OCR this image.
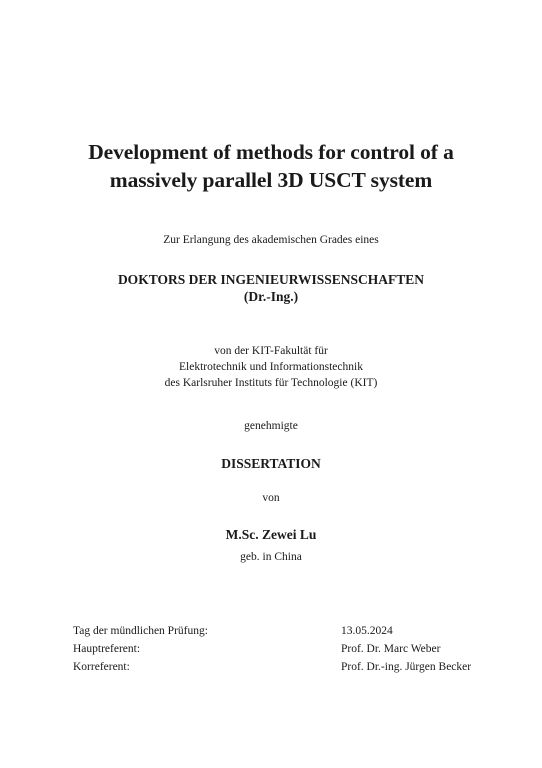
Development of methods for control of a
massively parallel 3D USCT system
Zur Erlangung des akademischen Grades eines
DOKTORS DER INGENIEURWISSENSCHAFTEN
(Dr.-Ing.)
von der KIT-Fakultät für
Elektrotechnik und Informationstechnik
des Karlsruher Instituts für Technologie (KIT)
genehmigte
DISSERTATION
von
M.Sc. Zewei Lu
geb. in China
Tag der mündlichen Prüfung:	13.05.2024
Hauptreferent:	Prof. Dr. Marc Weber
Korreferent:	Prof. Dr.-ing. Jürgen Becker
